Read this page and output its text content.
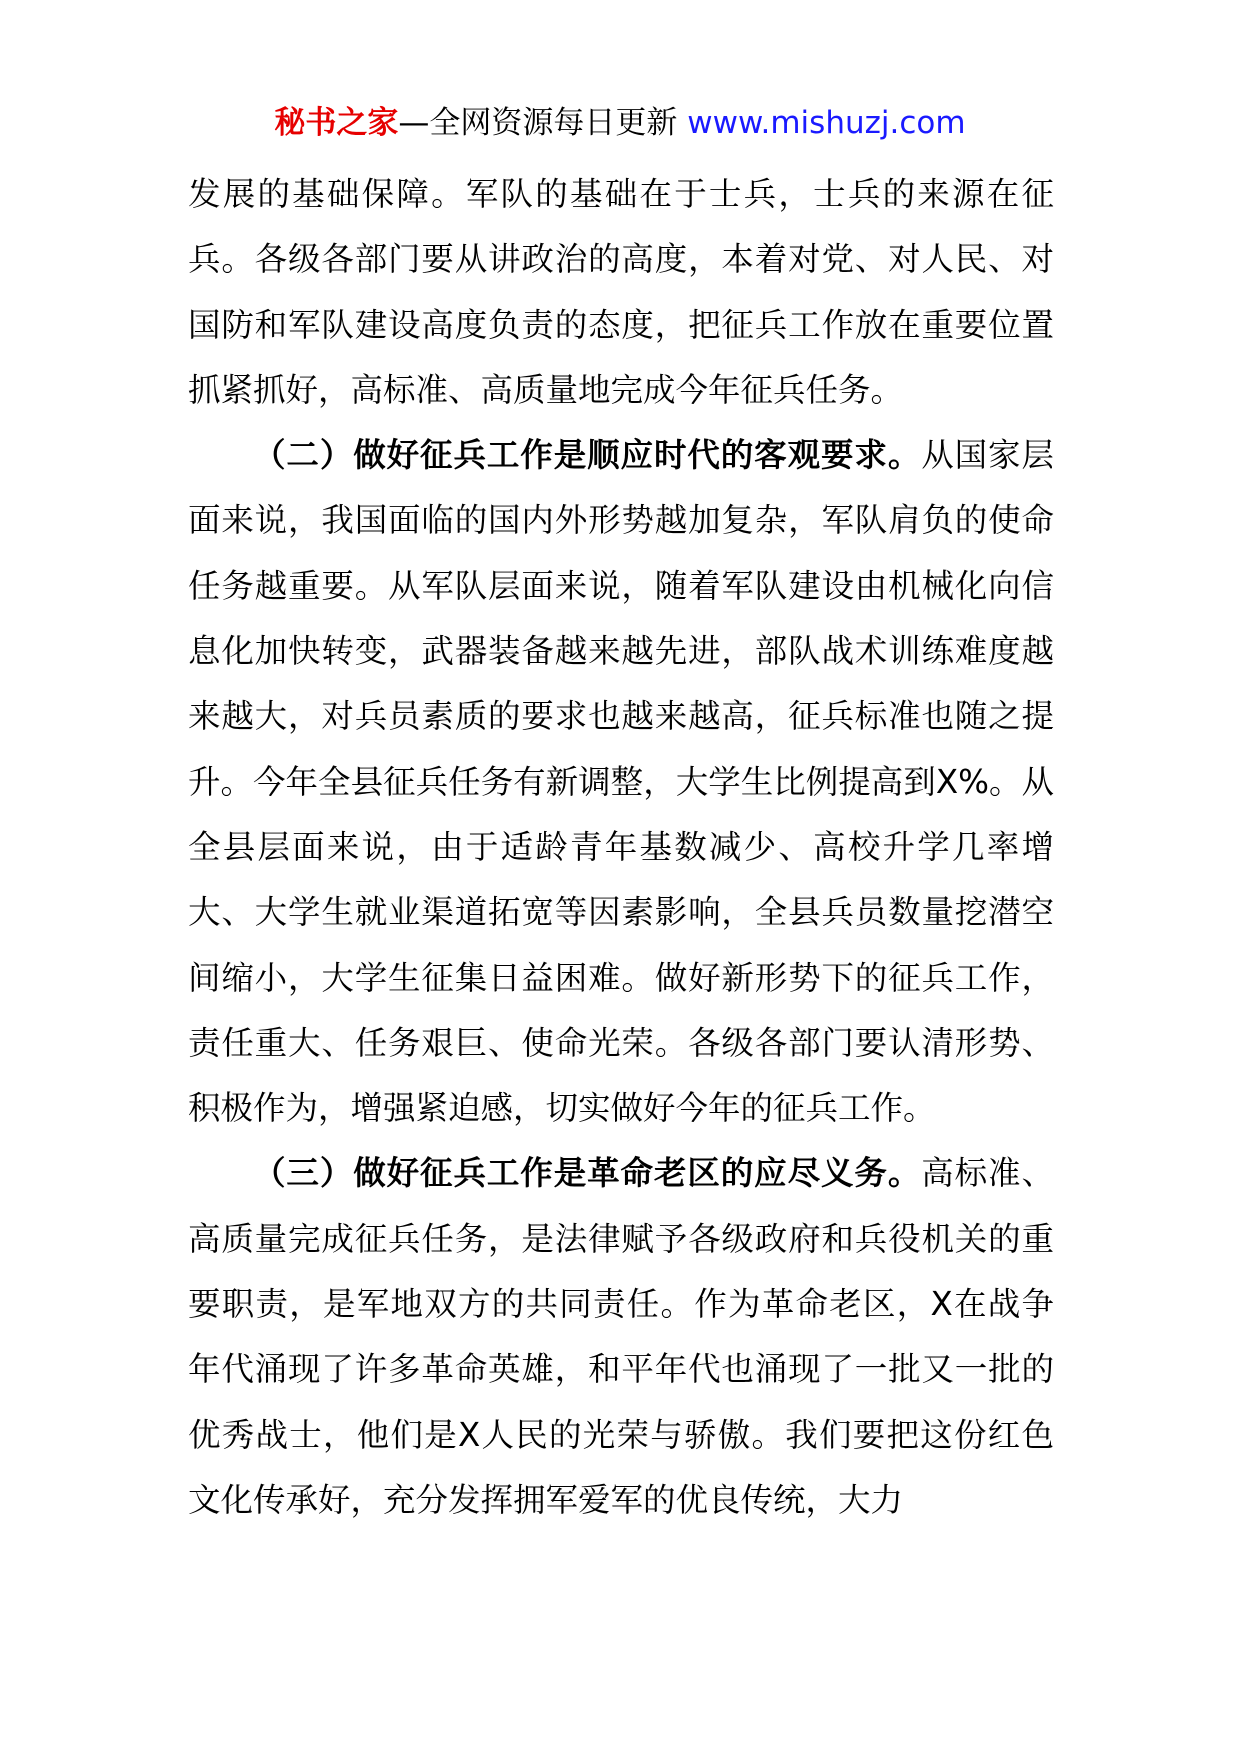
秘书之家—全网资源每日更新 www.mishuzj.com

发展的基础保障。军队的基础在于士兵，士兵的来源在征兵。各级各部门要从讲政治的高度，本着对党、对人民、对国防和军队建设高度负责的态度，把征兵工作放在重要位置抓紧抓好，高标准、高质量地完成今年征兵任务。

（二）做好征兵工作是顺应时代的客观要求。从国家层面来说，我国面临的国内外形势越加复杂，军队肩负的使命任务越重要。从军队层面来说，随着军队建设由机械化向信息化加快转变，武器装备越来越先进，部队战术训练难度越来越大，对兵员素质的要求也越来越高，征兵标准也随之提升。今年全县征兵任务有新调整，大学生比例提高到X%。从全县层面来说，由于适龄青年基数减少、高校升学几率增大、大学生就业渠道拓宽等因素影响，全县兵员数量挖潜空间缩小，大学生征集日益困难。做好新形势下的征兵工作，责任重大、任务艰巨、使命光荣。各级各部门要认清形势、积极作为，增强紧迫感，切实做好今年的征兵工作。

（三）做好征兵工作是革命老区的应尽义务。高标准、高质量完成征兵任务，是法律赋予各级政府和兵役机关的重要职责，是军地双方的共同责任。作为革命老区，X在战争年代涌现了许多革命英雄，和平年代也涌现了一批又一批的优秀战士，他们是X人民的光荣与骄傲。我们要把这份红色文化传承好，充分发挥拥军爱军的优良传统，大力
